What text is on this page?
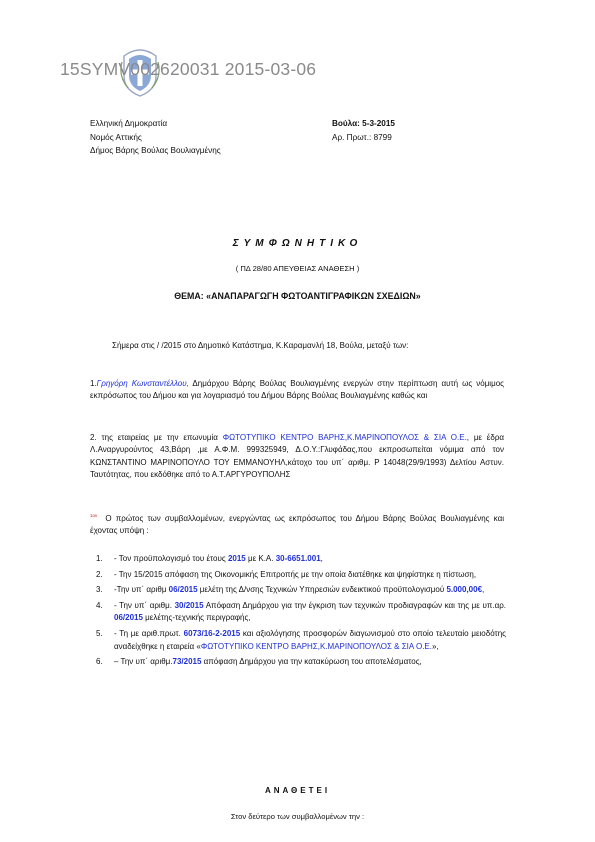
15SYMV002620031 2015-03-06
Ελληνική Δημοκρατία
Νομός Αττικής
Δήμος Βάρης Βούλας Βουλιαγμένης
Βούλα: 5-3-2015
Αρ. Πρωτ.: 8799
ΣΥΜΦΩΝΗΤΙΚΟ
( ΠΔ 28/80 ΑΠΕΥΘΕΙΑΣ ΑΝΑΘΕΣΗ )
ΘΕΜΑ: «ΑΝΑΠΑΡΑΓΩΓΗ ΦΩΤΟΑΝΤΙΓΡΑΦΙΚΩΝ ΣΧΕΔΙΩΝ»
Σήμερα στις / /2015 στο Δημοτικό Κατάστημα, Κ.Καραμανλή 18, Βούλα, μεταξύ των:
1.Γρηγόρη Κωνσταντέλλου, Δημάρχου Βάρης Βούλας Βουλιαγμένης ενεργών στην περίπτωση αυτή ως νόμιμος εκπρόσωπος του Δήμου και για λογαριασμό του Δήμου Βάρης Βούλας Βουλιαγμένης καθώς και
2. της εταιρείας με την επωνυμία ΦΩΤΟΤΥΠΙΚΟ ΚΕΝΤΡΟ ΒΑΡΗΣ,Κ.ΜΑΡΙΝΟΠΟΥΛΟΣ & ΣΙΑ Ο.Ε., με έδρα Λ.Αναργυρούντος 43,Βάρη ,με Α.Φ.Μ. 999325949, Δ.Ο.Υ.:Γλυφάδας,που εκπροσωπείται νόμιμα από τον ΚΩΝΣΤΑΝΤΙΝΟ ΜΑΡΙΝΟΠΟΥΛΟ ΤΟΥ ΕΜΜΑΝΟΥΗΛ,κάτοχο του υπ΄ αριθμ. Ρ 14048(29/9/1993) Δελτίου Αστυν. Ταυτότητας, που εκδόθηκε από το Α.Τ.ΑΡΓΥΡΟΥΠΟΛΗΣ
$^{1o\nu}$ Ο πρώτος των συμβαλλομένων, ενεργώντας ως εκπρόσωπος του Δήμου Βάρης Βούλας Βουλιαγμένης και έχοντας υπόψη :
1. - Τον προϋπολογισμό του έτους 2015 με Κ.Α. 30-6651.001,
2. - Την 15/2015 απόφαση της Οικονομικής Επιτροπής με την οποία διατέθηκε και ψηφίστηκε η πίστωση,
3. -Την υπ΄ αριθμ 06/2015 μελέτη της Δ/νσης Τεχνικών Υπηρεσιών ενδεικτικού προϋπολογισμού 5.000,00€,
4. - Την υπ΄ αριθμ. 30/2015 Απόφαση Δημάρχου για την έγκριση των τεχνικών προδιαγραφών και της με υπ.αρ. 06/2015 μελέτης-τεχνικής περιγραφής,
5. - Τη με αριθ.πρωτ. 6073/16-2-2015 και αξιολόγησης προσφορών διαγωνισμού στο οποίο τελευταίο μειοδότης αναδείχθηκε η εταιρεία «ΦΩΤΟΤΥΠΙΚΟ ΚΕΝΤΡΟ ΒΑΡΗΣ,Κ.ΜΑΡΙΝΟΠΟΥΛΟΣ & ΣΙΑ Ο.Ε.»,
6. – Την υπ΄ αριθμ.73/2015 απόφαση Δημάρχου για την κατακύρωση του αποτελέσματος,
ΑΝΑΘΕΤΕΙ
Στον δεύτερο των συμβαλλομένων την :
